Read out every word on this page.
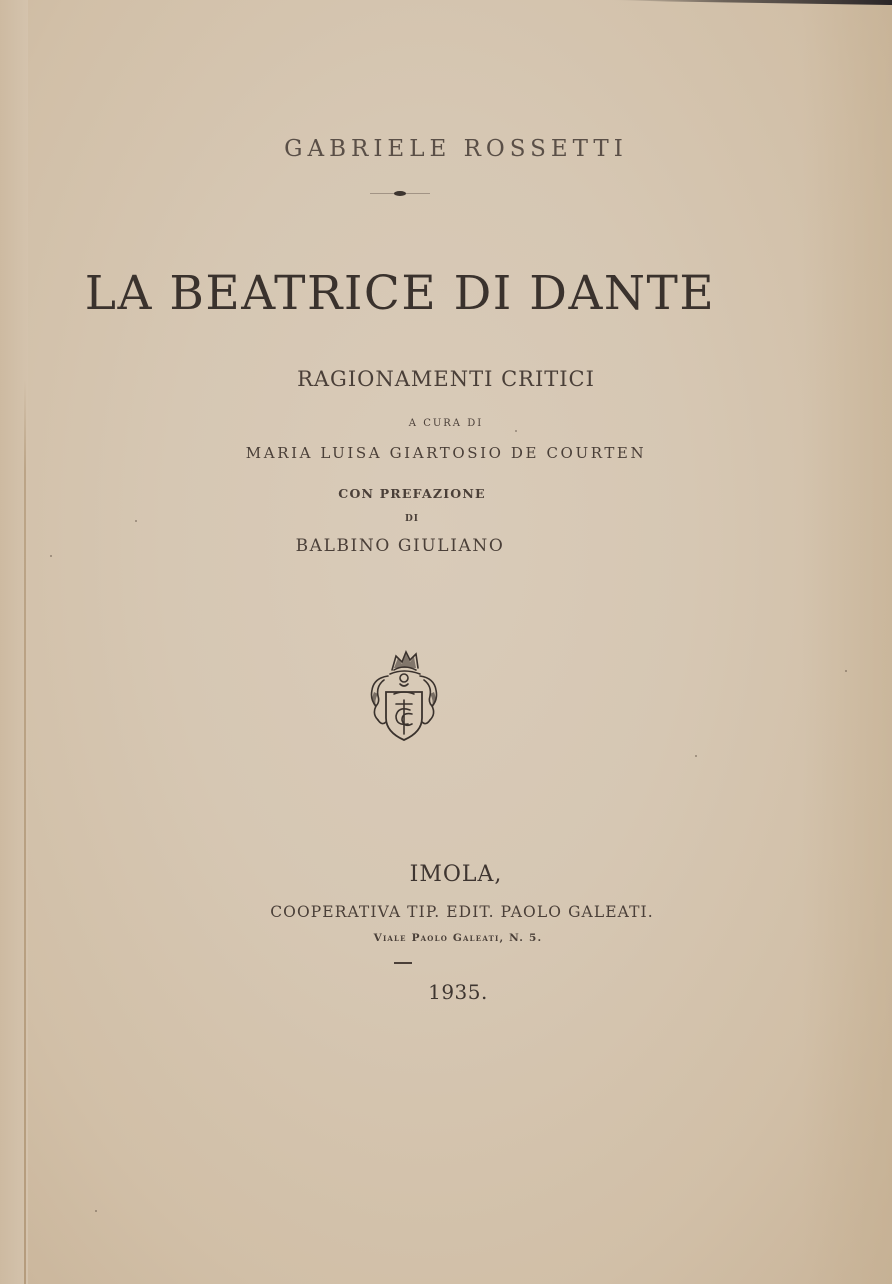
GABRIELE ROSSETTI
LA BEATRICE DI DANTE
RAGIONAMENTI CRITICI
A CURA DI
MARIA LUISA GIARTOSIO DE COURTEN
CON PREFAZIONE
DI
BALBINO GIULIANO
IMOLA,
COOPERATIVA TIP. EDIT. PAOLO GALEATI.
Viale Paolo Galeati, N. 5.
1935.
